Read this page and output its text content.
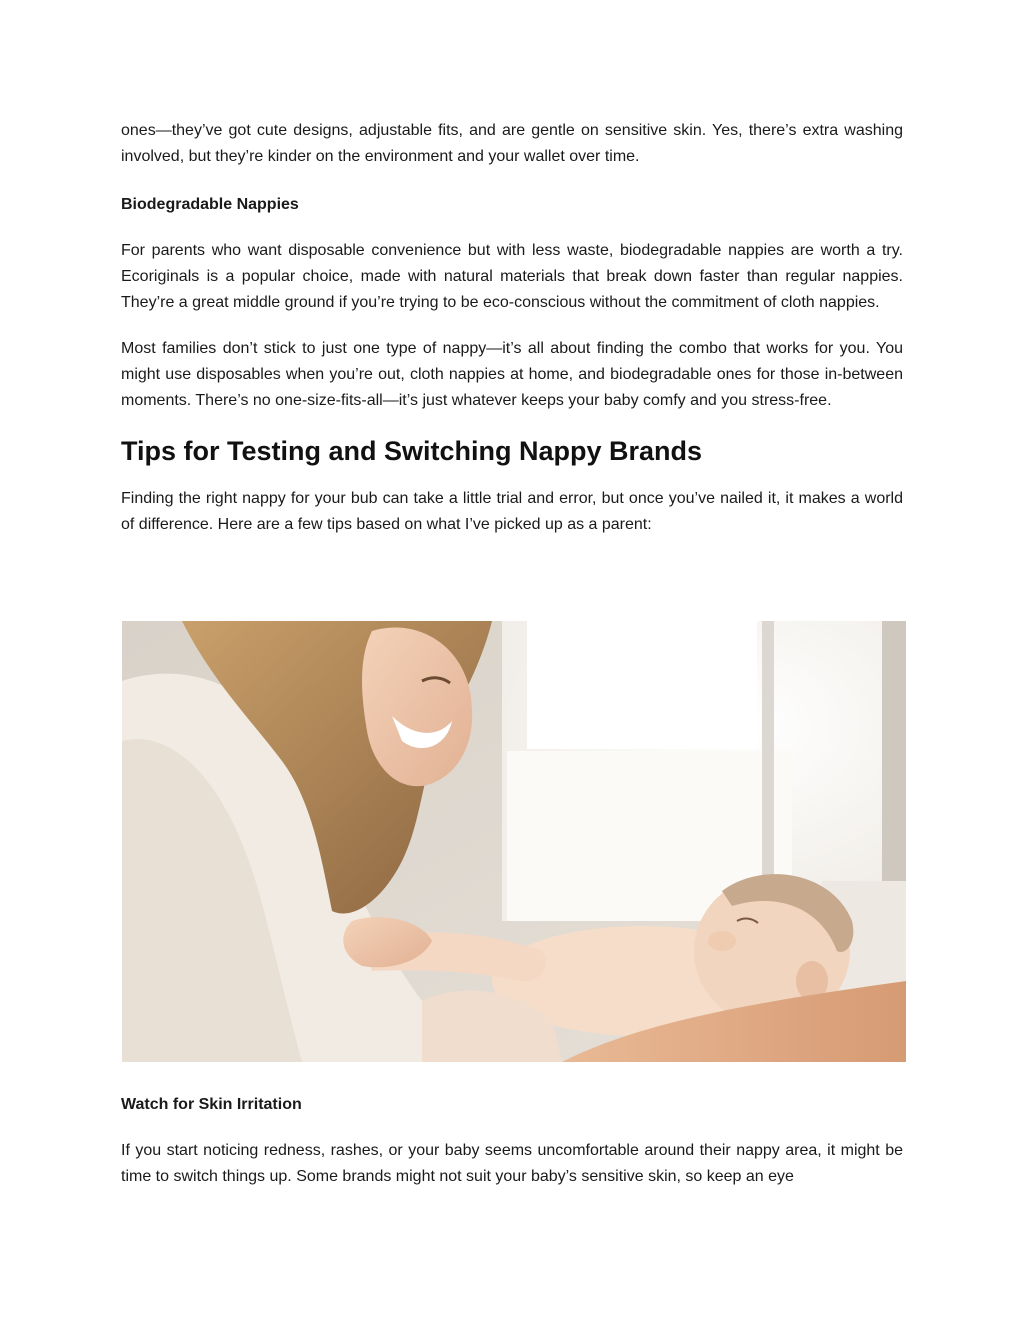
ones—they’ve got cute designs, adjustable fits, and are gentle on sensitive skin. Yes, there’s extra washing involved, but they’re kinder on the environment and your wallet over time.

Biodegradable Nappies

For parents who want disposable convenience but with less waste, biodegradable nappies are worth a try. Ecoriginals is a popular choice, made with natural materials that break down faster than regular nappies. They’re a great middle ground if you’re trying to be eco-conscious without the commitment of cloth nappies.

Most families don’t stick to just one type of nappy—it’s all about finding the combo that works for you. You might use disposables when you’re out, cloth nappies at home, and biodegradable ones for those in-between moments. There’s no one-size-fits-all—it’s just whatever keeps your baby comfy and you stress-free.

Tips for Testing and Switching Nappy Brands

Finding the right nappy for your bub can take a little trial and error, but once you’ve nailed it, it makes a world of difference. Here are a few tips based on what I’ve picked up as a parent:

Watch for Skin Irritation

If you start noticing redness, rashes, or your baby seems uncomfortable around their nappy area, it might be time to switch things up. Some brands might not suit your baby’s sensitive skin, so keep an eye
